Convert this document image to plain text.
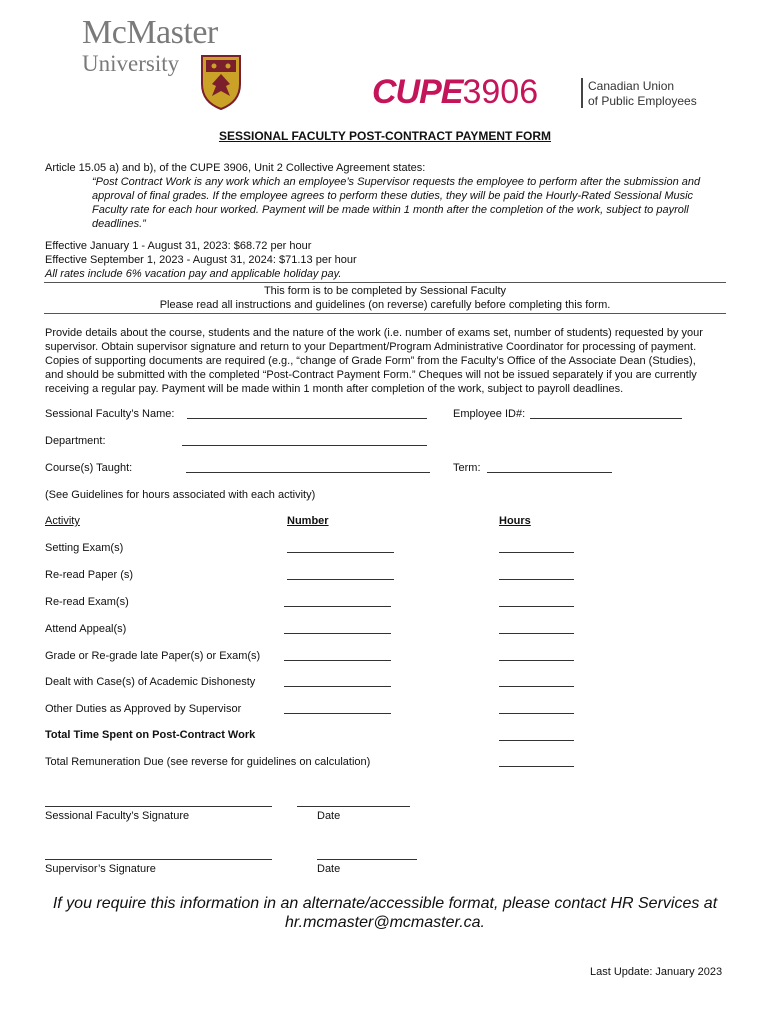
McMaster
University
CUPE3906	Canadian Union
of Public Employees
SESSIONAL FACULTY POST-CONTRACT PAYMENT FORM
Article 15.05 a) and b), of the CUPE 3906, Unit 2 Collective Agreement states:
“Post Contract Work is any work which an employee’s Supervisor requests the employee to perform after the submission and
approval of final grades. If the employee agrees to perform these duties, they will be paid the Hourly-Rated Sessional Music
Faculty rate for each hour worked. Payment will be made within 1 month after the completion of the work, subject to payroll
deadlines.”
Effective January 1 - August 31, 2023: $68.72 per hour
Effective September 1, 2023 - August 31, 2024: $71.13 per hour
All rates include 6% vacation pay and applicable holiday pay.
This form is to be completed by Sessional Faculty
Please read all instructions and guidelines (on reverse) carefully before completing this form.
Provide details about the course, students and the nature of the work (i.e. number of exams set, number of students) requested by your
supervisor. Obtain supervisor signature and return to your Department/Program Administrative Coordinator for processing of payment.
Copies of supporting documents are required (e.g., “change of Grade Form” from the Faculty’s Office of the Associate Dean (Studies),
and should be submitted with the completed “Post-Contract Payment Form.” Cheques will not be issued separately if you are currently
receiving a regular pay. Payment will be made within 1 month after completion of the work, subject to payroll deadlines.
Sessional Faculty’s Name:	Employee ID#:
Department:
Course(s) Taught:	Term:
(See Guidelines for hours associated with each activity)
Activity	Number	Hours
Setting Exam(s)
Re-read Paper (s)
Re-read Exam(s)
Attend Appeal(s)
Grade or Re-grade late Paper(s) or Exam(s)
Dealt with Case(s) of Academic Dishonesty
Other Duties as Approved by Supervisor
Total Time Spent on Post-Contract Work
Total Remuneration Due (see reverse for guidelines on calculation)
Sessional Faculty’s Signature	Date
Supervisor’s Signature	Date
If you require this information in an alternate/accessible format, please contact HR Services at
hr.mcmaster@mcmaster.ca.
Last Update: January 2023
